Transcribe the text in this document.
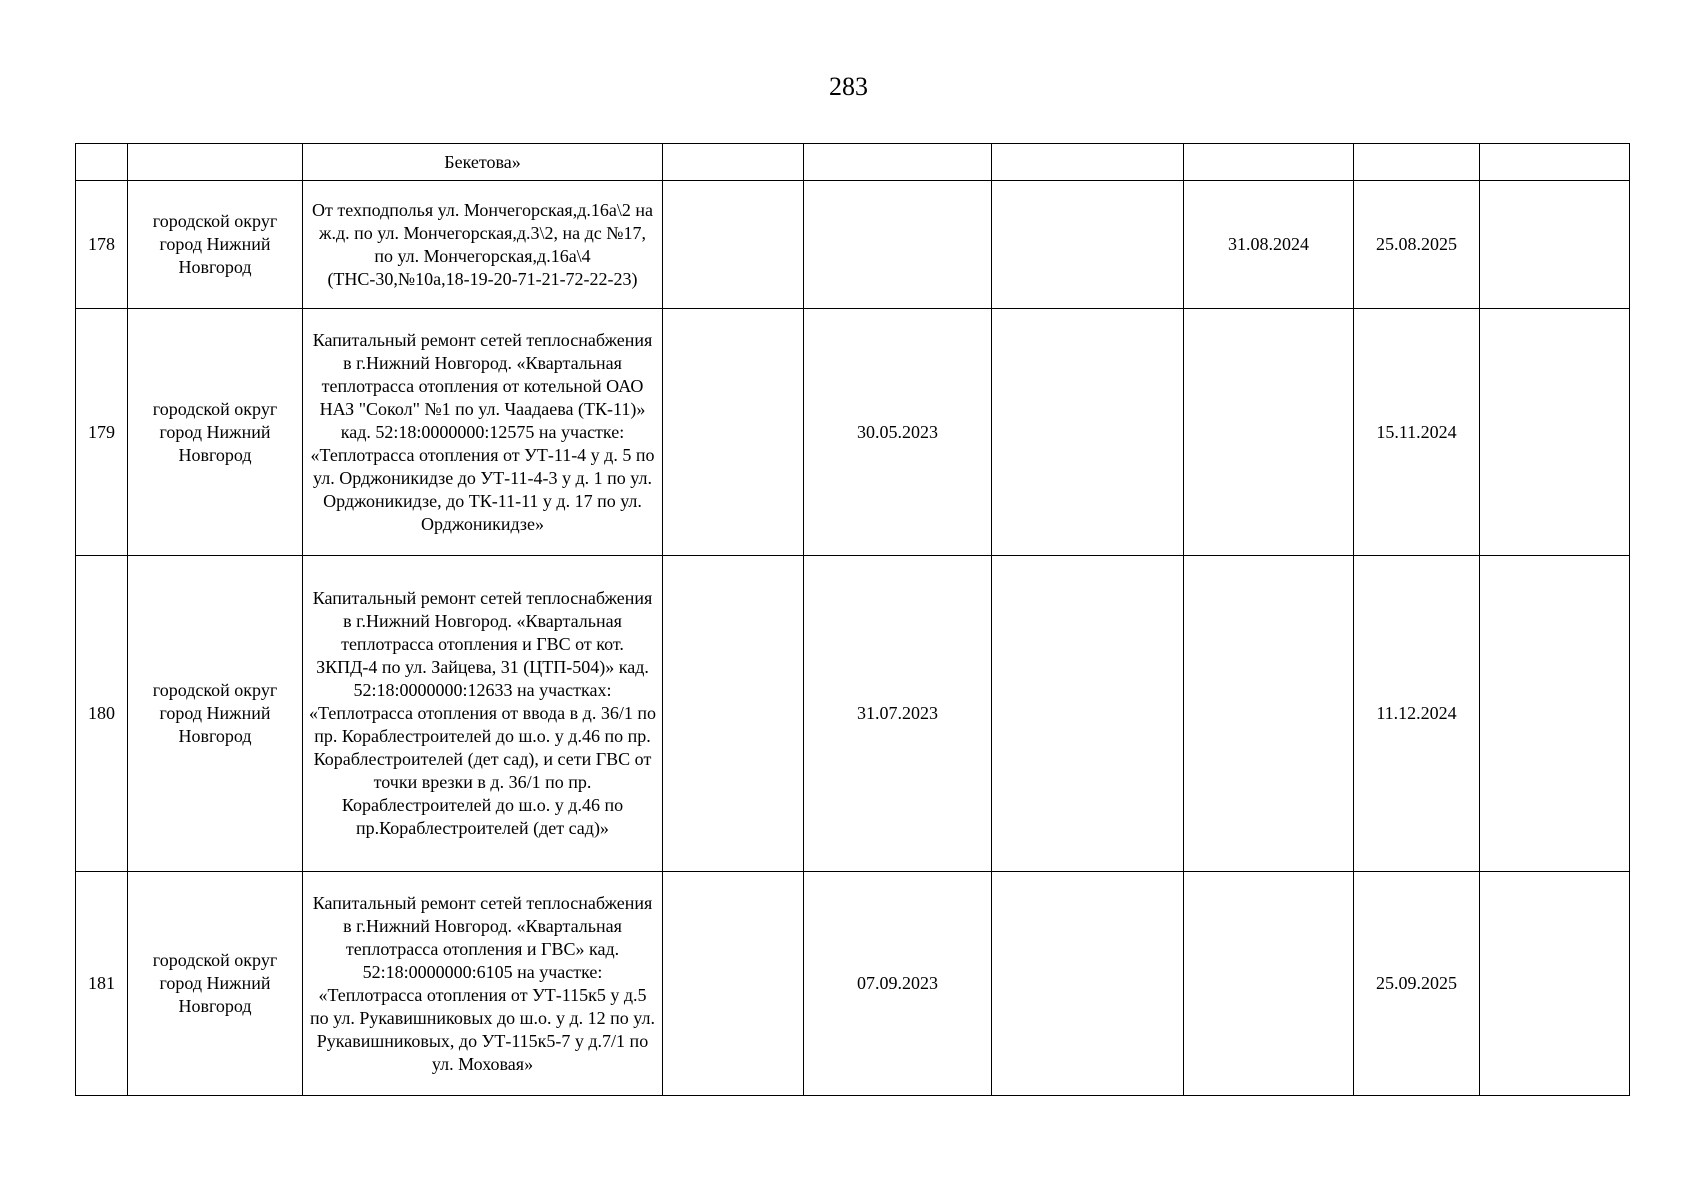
283
		Бекетова»						
178	городской округ город Нижний Новгород	От техподполья ул. Мончегорская,д.16а\2 на ж.д. по ул. Мончегорская,д.3\2, на дс №17, по ул. Мончегорская,д.16а\4 (ТНС-30,№10а,18-19-20-71-21-72-22-23)				31.08.2024	25.08.2025	
179	городской округ город Нижний Новгород	Капитальный ремонт сетей теплоснабжения в г.Нижний Новгород. «Квартальная теплотрасса отопления от котельной ОАО НАЗ "Сокол" №1 по ул. Чаадаева (ТК-11)» кад. 52:18:0000000:12575 на участке: «Теплотрасса отопления от УТ-11-4 у д. 5 по ул. Орджоникидзе до УТ-11-4-3 у д. 1 по ул. Орджоникидзе, до ТК-11-11 у д. 17 по ул. Орджоникидзе»		30.05.2023			15.11.2024	
180	городской округ город Нижний Новгород	Капитальный ремонт сетей теплоснабжения в г.Нижний Новгород. «Квартальная теплотрасса отопления и ГВС от кот. ЗКПД-4 по ул. Зайцева, 31 (ЦТП-504)» кад. 52:18:0000000:12633 на участках: «Теплотрасса отопления от ввода в д. 36/1 по пр. Кораблестроителей до ш.о. у д.46 по пр. Кораблестроителей (дет сад), и сети ГВС от точки врезки в д. 36/1 по пр. Кораблестроителей до ш.о. у д.46 по пр.Кораблестроителей (дет сад)»		31.07.2023			11.12.2024	
181	городской округ город Нижний Новгород	Капитальный ремонт сетей теплоснабжения в г.Нижний Новгород. «Квартальная теплотрасса отопления и ГВС» кад. 52:18:0000000:6105 на участке: «Теплотрасса отопления от УТ-115к5 у д.5 по ул. Рукавишниковых до ш.о. у д. 12 по ул. Рукавишниковых, до УТ-115к5-7 у д.7/1 по ул. Моховая»		07.09.2023			25.09.2025	
